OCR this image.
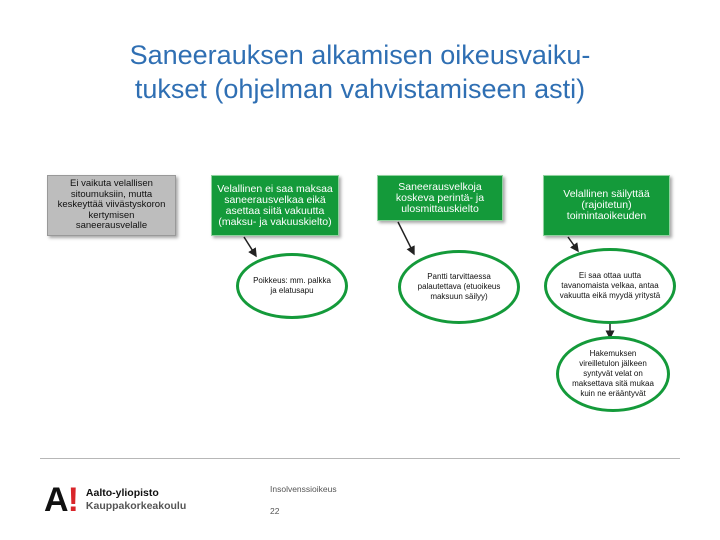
Saneerauksen alkamisen oikeusvaiku-
tukset (ohjelman vahvistamiseen asti)
Ei vaikuta velallisen sitoumuksiin, mutta keskeyttää viivästyskoron kertymisen saneerausvelalle
Velallinen ei saa maksaa saneerausvelkaa eikä asettaa siitä vakuutta (maksu- ja vakuuskielto)
Saneerausvelkoja koskeva perintä- ja ulosmittauskielto
Velallinen säilyttää (rajoitetun) toimintaoikeuden
Poikkeus: mm. palkka ja elatusapu
Pantti tarvittaessa palautettava (etuoikeus maksuun säilyy)
Ei saa ottaa uutta tavanomaista velkaa, antaa vakuutta eikä myydä yritystä
Hakemuksen vireilletulon jälkeen syntyvät velat on maksettava sitä mukaa kuin ne erääntyvät
A! Aalto-yliopisto
Kauppakorkeakoulu
Insolvenssioikeus
22
